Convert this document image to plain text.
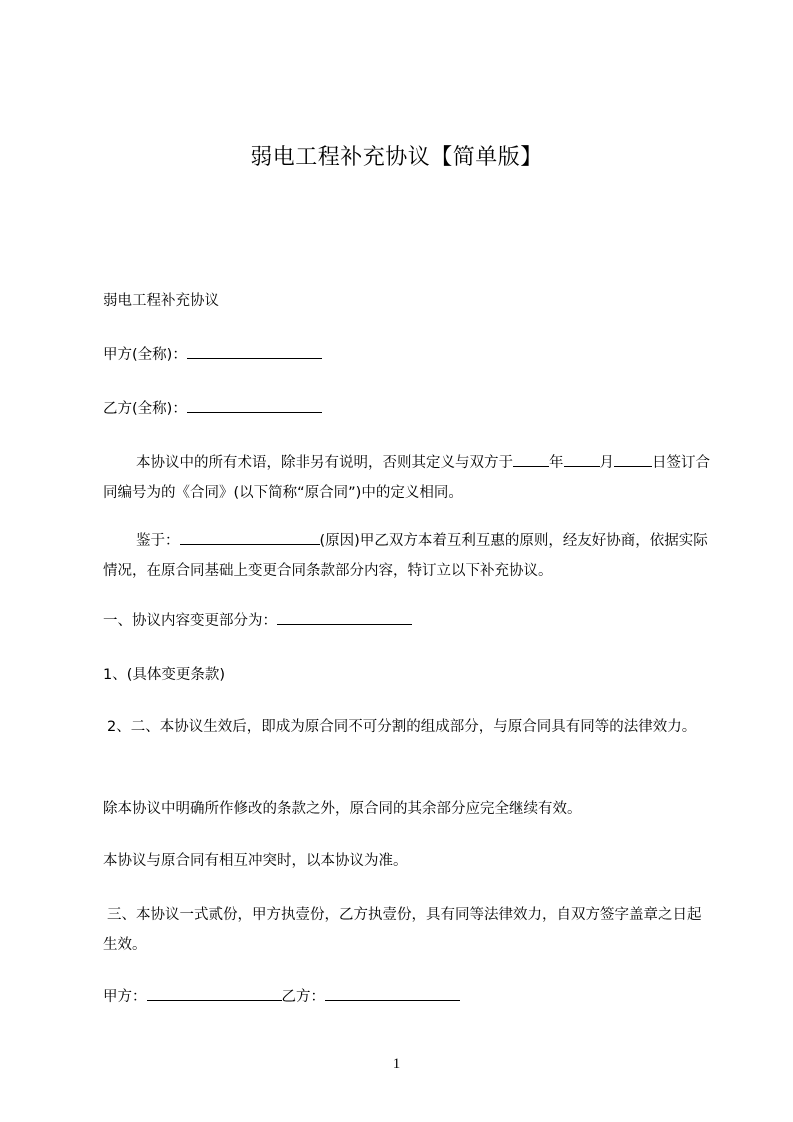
弱电工程补充协议【简单版】
弱电工程补充协议
甲方(全称)：
乙方(全称)：
本协议中的所有术语，除非另有说明，否则其定义与双方于 年 月	日签订合同编号为的《合同》(以下简称“原合同”)中的定义相同。
鉴于：	(原因)甲乙双方本着互利互惠的原则，经友好协商，依据实际情况，在原合同基础上变更合同条款部分内容，特订立以下补充协议。
一、协议内容变更部分为：
1、(具体变更条款)
2、二、本协议生效后，即成为原合同不可分割的组成部分，与原合同具有同等的法律效力。
除本协议中明确所作修改的条款之外，原合同的其余部分应完全继续有效。
本协议与原合同有相互冲突时，以本协议为准。
三、本协议一式贰份，甲方执壹份，乙方执壹份，具有同等法律效力，自双方签字盖章之日起生效。
甲方：	乙方：
1
